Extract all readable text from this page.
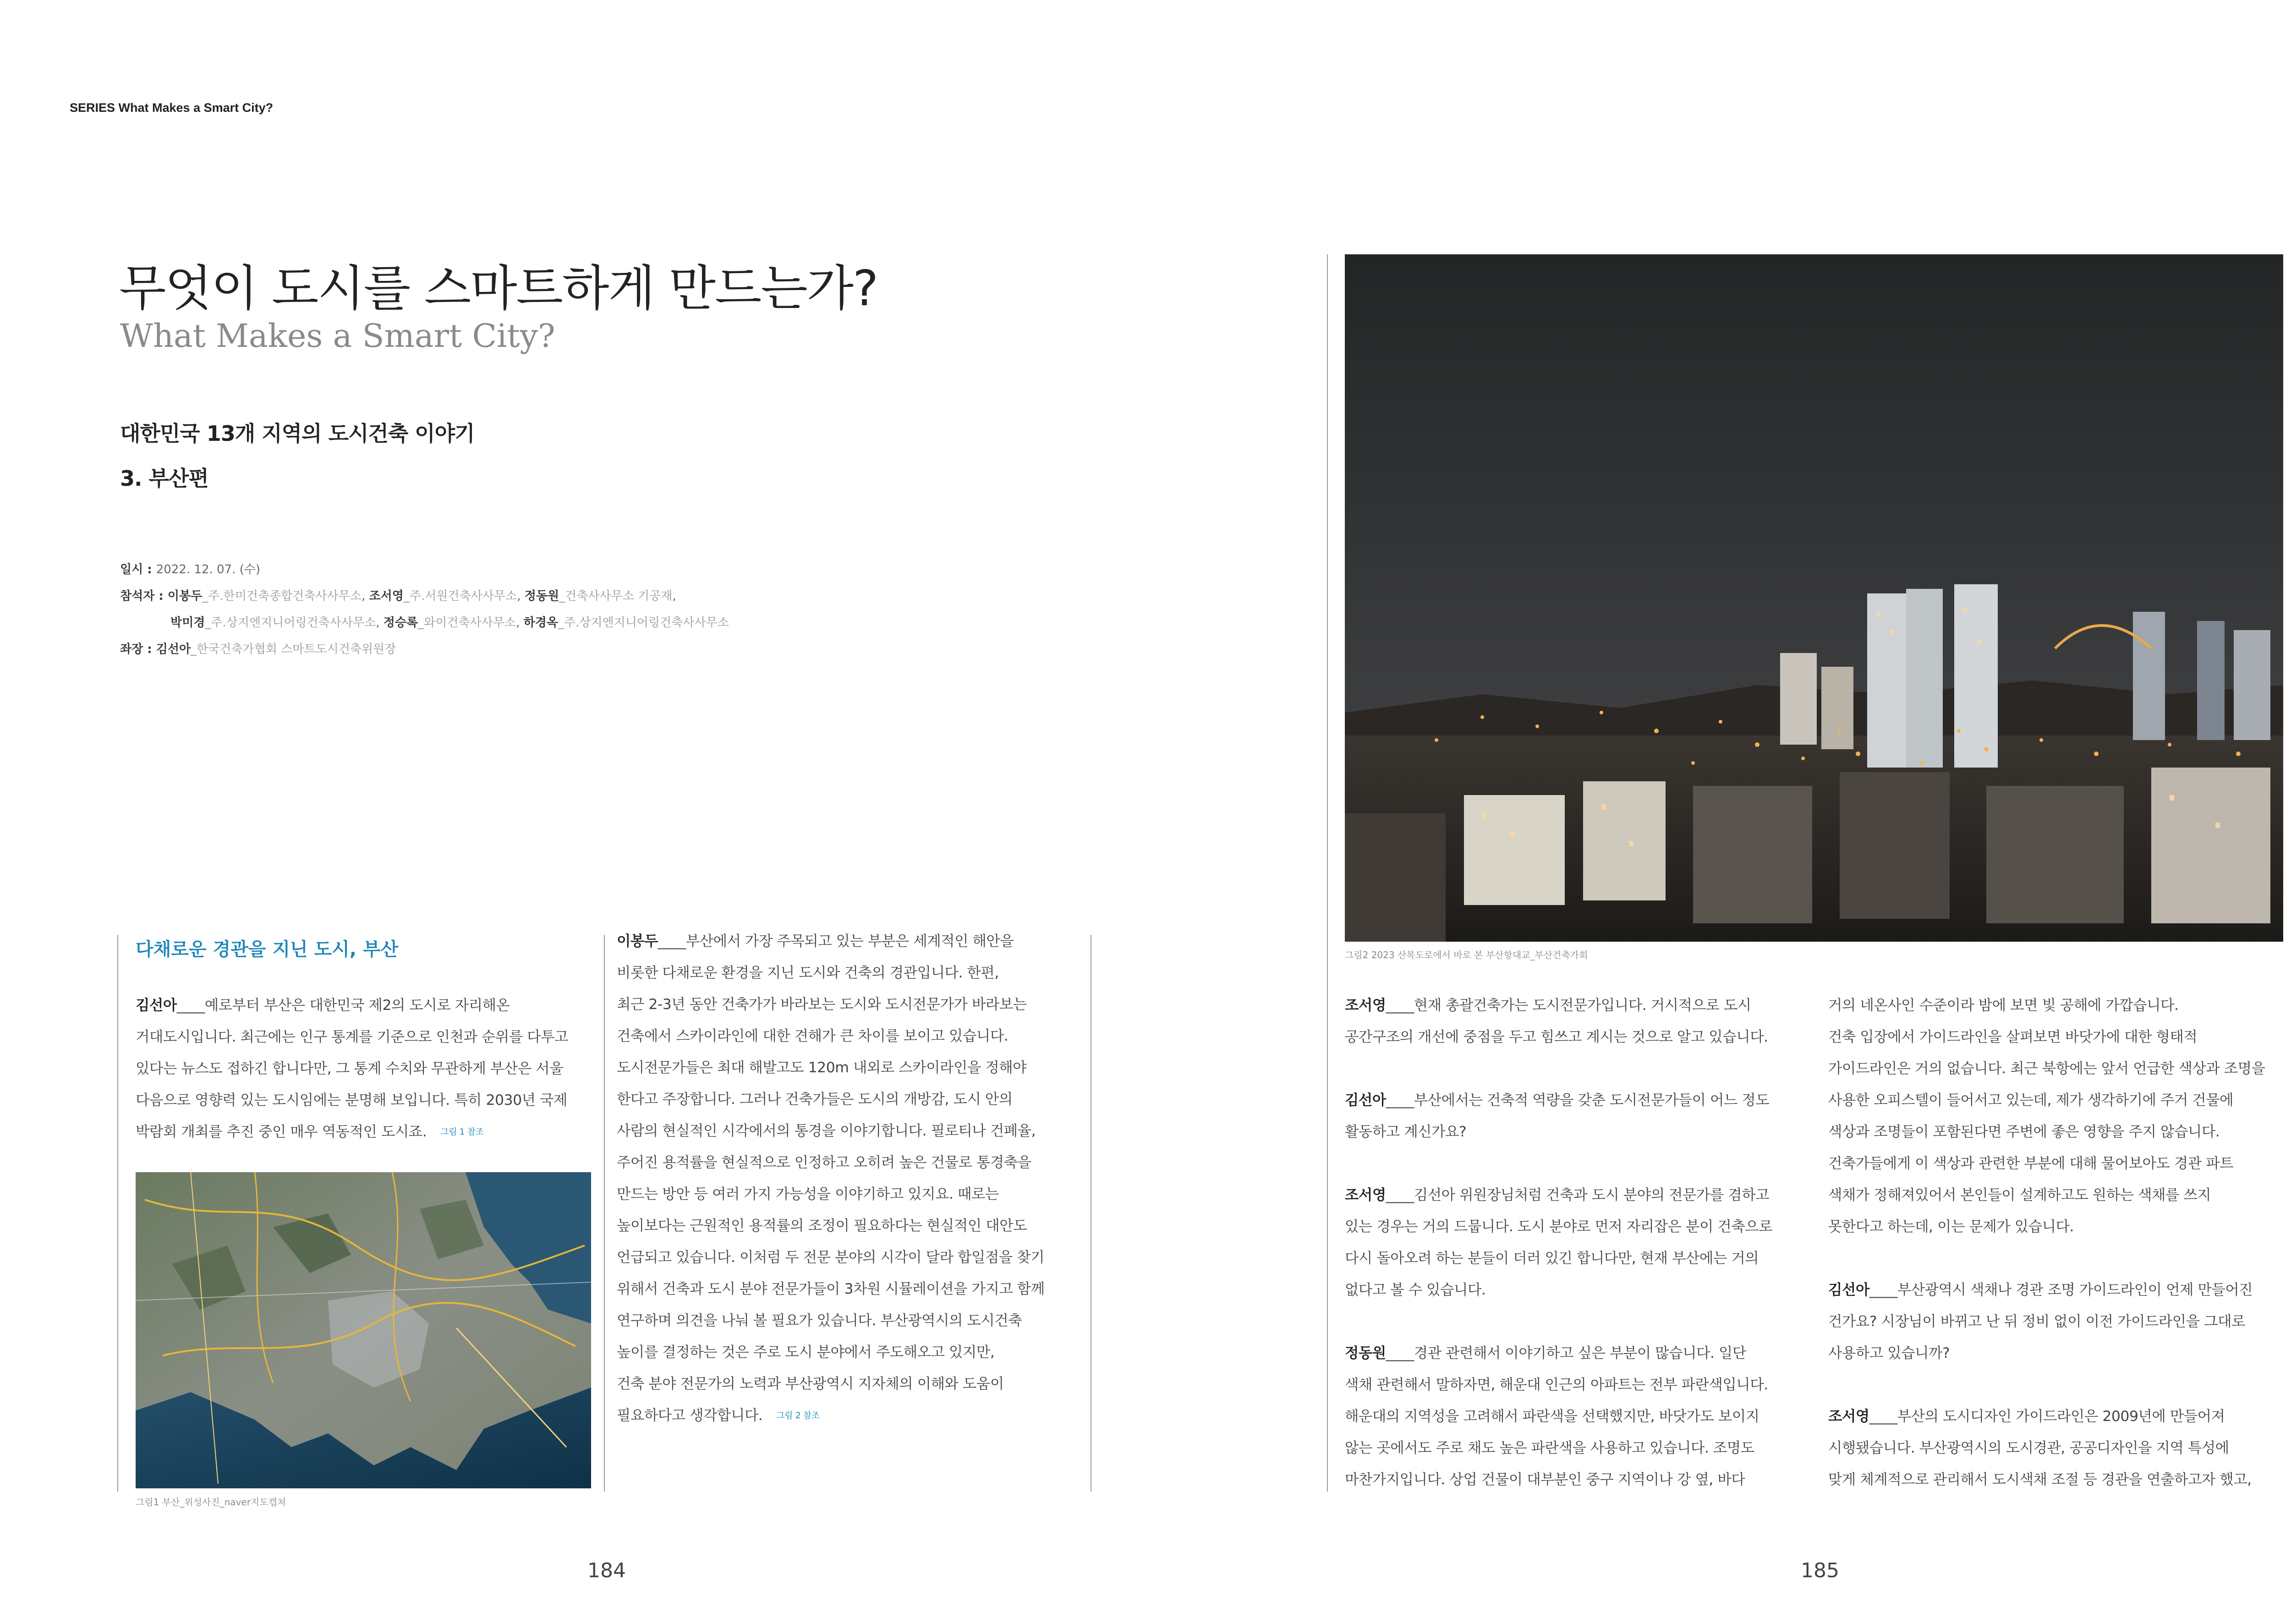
SERIES What Makes a Smart City?
무엇이 도시를 스마트하게 만드는가?
What Makes a Smart City?
대한민국 13개 지역의 도시건축 이야기
3. 부산편
일시 : 2022. 12. 07. (수)
참석자 : 이봉두_주.한미건축종합건축사사무소, 조서영_주.서원건축사사무소, 정동원_건축사사무소 기공재,
박미경_주.상지엔지니어링건축사사무소, 정승록_와이건축사사무소, 하경옥_주.상지엔지니어링건축사사무소
좌장 : 김선아_한국건축가협회 스마트도시건축위원장
다채로운 경관을 지닌 도시, 부산
김선아____예로부터 부산은 대한민국 제2의 도시로 자리해온
거대도시입니다. 최근에는 인구 통계를 기준으로 인천과 순위를 다투고
있다는 뉴스도 접하긴 합니다만, 그 통계 수치와 무관하게 부산은 서울
다음으로 영향력 있는 도시임에는 분명해 보입니다. 특히 2030년 국제
박람회 개최를 추진 중인 매우 역동적인 도시죠. 그림 1 참조
그림1 부산_위성사진_naver지도캡쳐
이봉두____부산에서 가장 주목되고 있는 부분은 세계적인 해안을
비롯한 다채로운 환경을 지닌 도시와 건축의 경관입니다. 한편,
최근 2-3년 동안 건축가가 바라보는 도시와 도시전문가가 바라보는
건축에서 스카이라인에 대한 견해가 큰 차이를 보이고 있습니다.
도시전문가들은 최대 해발고도 120m 내외로 스카이라인을 정해야
한다고 주장합니다. 그러나 건축가들은 도시의 개방감, 도시 안의
사람의 현실적인 시각에서의 통경을 이야기합니다. 필로티나 건폐율,
주어진 용적률을 현실적으로 인정하고 오히려 높은 건물로 통경축을
만드는 방안 등 여러 가지 가능성을 이야기하고 있지요. 때로는
높이보다는 근원적인 용적률의 조정이 필요하다는 현실적인 대안도
언급되고 있습니다. 이처럼 두 전문 분야의 시각이 달라 합일점을 찾기
위해서 건축과 도시 분야 전문가들이 3차원 시뮬레이션을 가지고 함께
연구하며 의견을 나눠 볼 필요가 있습니다. 부산광역시의 도시건축
높이를 결정하는 것은 주로 도시 분야에서 주도해오고 있지만,
건축 분야 전문가의 노력과 부산광역시 지자체의 이해와 도움이
필요하다고 생각합니다. 그림 2 참조
그림2 2023 산복도로에서 바로 본 부산항대교_부산건축가회
조서영____현재 총괄건축가는 도시전문가입니다. 거시적으로 도시
공간구조의 개선에 중점을 두고 힘쓰고 계시는 것으로 알고 있습니다.

김선아____부산에서는 건축적 역량을 갖춘 도시전문가들이 어느 정도
활동하고 계신가요?

조서영____김선아 위원장님처럼 건축과 도시 분야의 전문가를 겸하고
있는 경우는 거의 드뭅니다. 도시 분야로 먼저 자리잡은 분이 건축으로
다시 돌아오려 하는 분들이 더러 있긴 합니다만, 현재 부산에는 거의
없다고 볼 수 있습니다.

정동원____경관 관련해서 이야기하고 싶은 부분이 많습니다. 일단
색채 관련해서 말하자면, 해운대 인근의 아파트는 전부 파란색입니다.
해운대의 지역성을 고려해서 파란색을 선택했지만, 바닷가도 보이지
않는 곳에서도 주로 채도 높은 파란색을 사용하고 있습니다. 조명도
마찬가지입니다. 상업 건물이 대부분인 중구 지역이나 강 옆, 바다
거의 네온사인 수준이라 밤에 보면 빛 공해에 가깝습니다.
건축 입장에서 가이드라인을 살펴보면 바닷가에 대한 형태적
가이드라인은 거의 없습니다. 최근 북항에는 앞서 언급한 색상과 조명을
사용한 오피스텔이 들어서고 있는데, 제가 생각하기에 주거 건물에
색상과 조명들이 포함된다면 주변에 좋은 영향을 주지 않습니다.
건축가들에게 이 색상과 관련한 부분에 대해 물어보아도 경관 파트
색채가 정해져있어서 본인들이 설계하고도 원하는 색채를 쓰지
못한다고 하는데, 이는 문제가 있습니다.

김선아____부산광역시 색채나 경관 조명 가이드라인이 언제 만들어진
건가요? 시장님이 바뀌고 난 뒤 정비 없이 이전 가이드라인을 그대로
사용하고 있습니까?

조서영____부산의 도시디자인 가이드라인은 2009년에 만들어져
시행됐습니다. 부산광역시의 도시경관, 공공디자인을 지역 특성에
맞게 체계적으로 관리해서 도시색채 조절 등 경관을 연출하고자 했고,
184	185
